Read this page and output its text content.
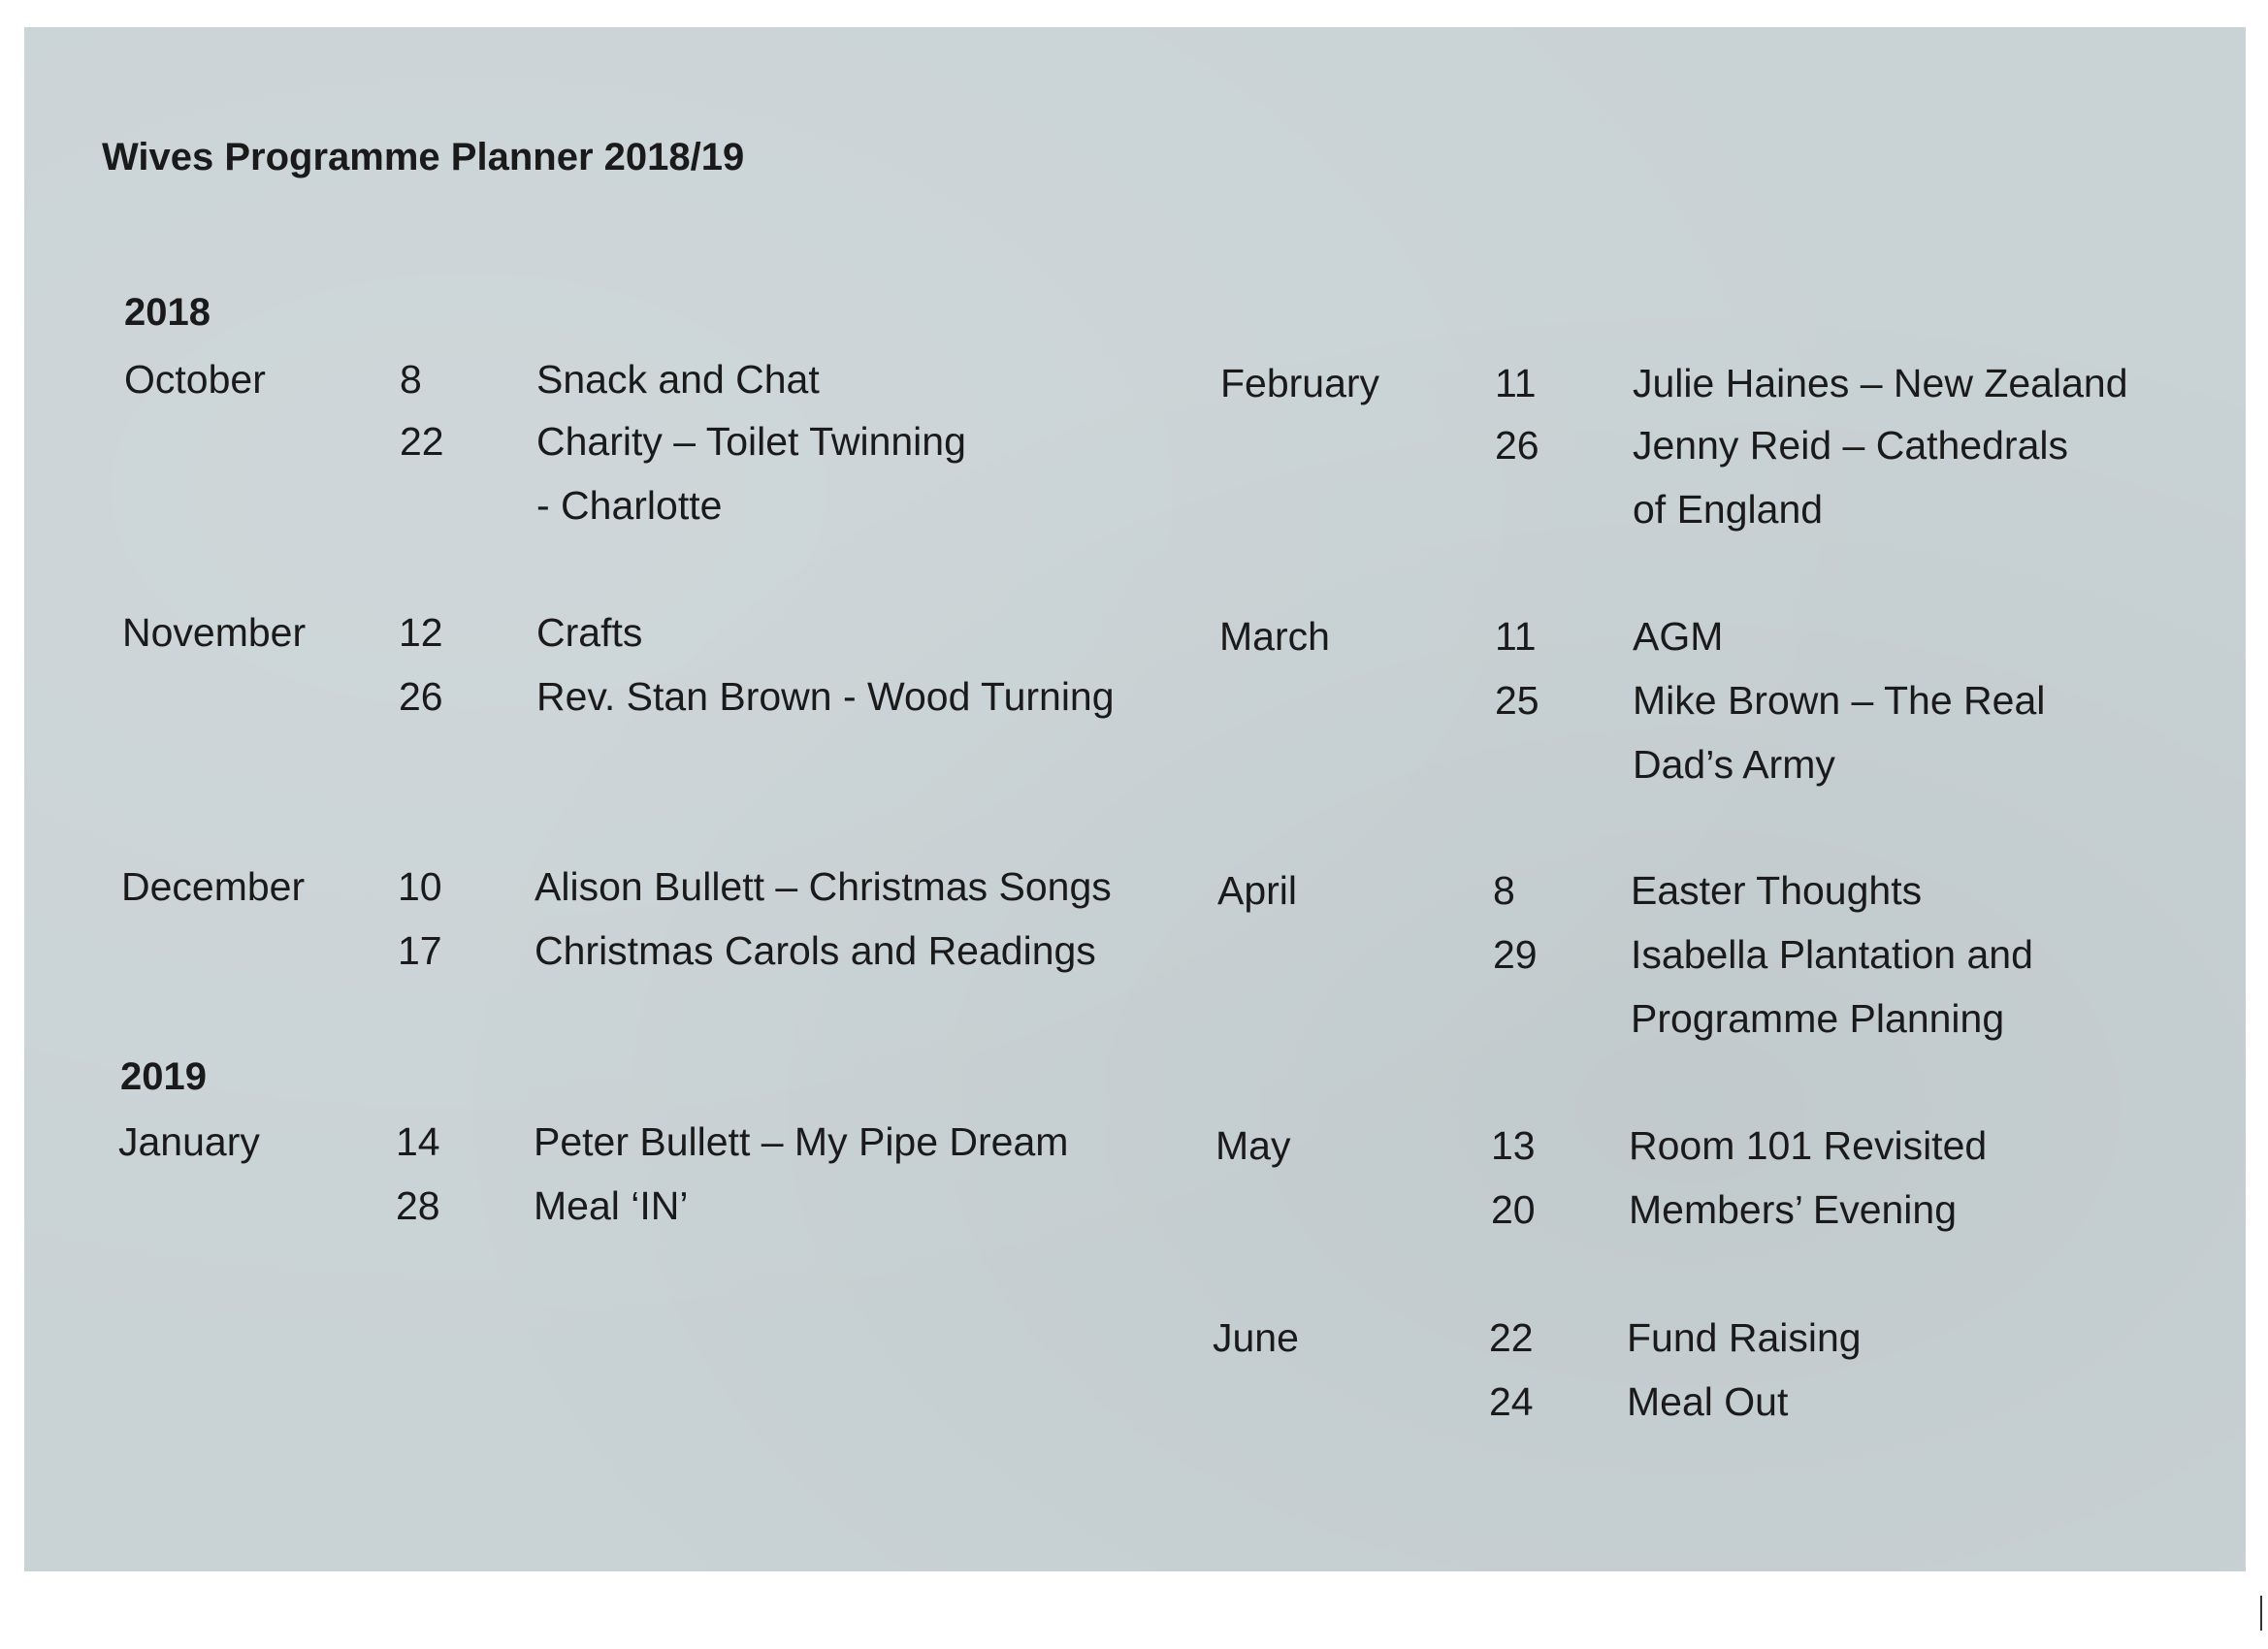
Wives Programme Planner 2018/19
2018
2019
October	8	Snack and Chat
22 Charity – Toilet Twinning
- Charlotte
November 12 Crafts
26 Rev. Stan Brown - Wood Turning
December 10 Alison Bullett – Christmas Songs
17 Christmas Carols and Readings
January	14 Peter Bullett – My Pipe Dream
28 Meal ‘IN’
February	11 Julie Haines – New Zealand
26 Jenny Reid – Cathedrals
of England
March	11 AGM
25 Mike Brown – The Real
Dad’s Army
April	8	Easter Thoughts
29 Isabella Plantation and
Programme Planning
May	13 Room 101 Revisited
20 Members’ Evening
June	22 Fund Raising
24 Meal Out
